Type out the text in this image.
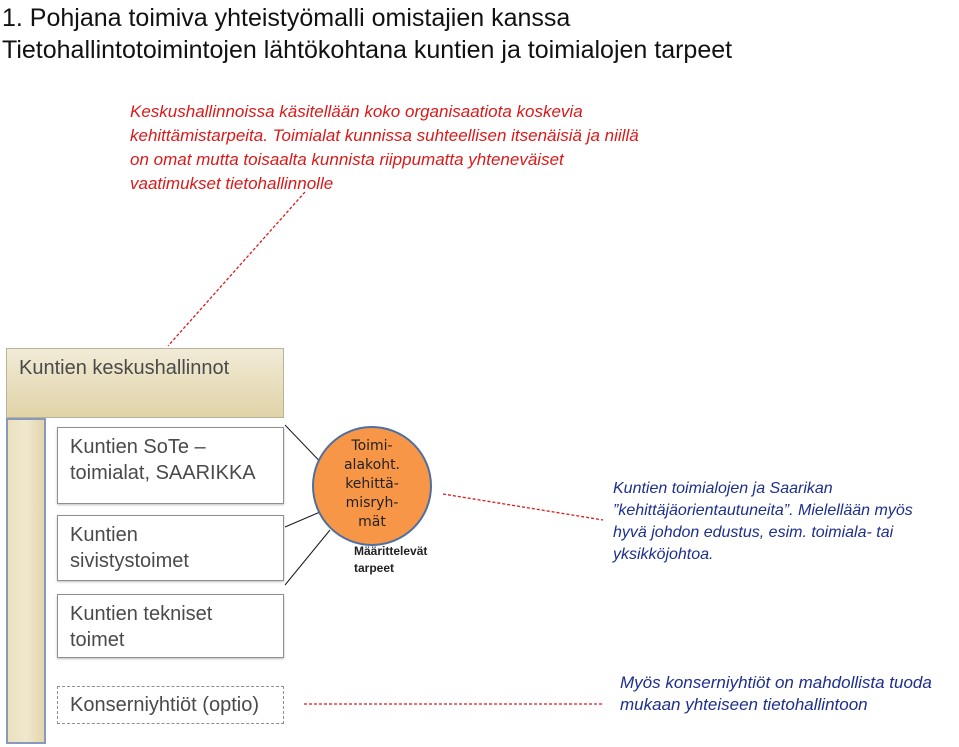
1. Pohjana toimiva yhteistyömalli omistajien kanssa
Tietohallintotoimintojen lähtökohtana kuntien ja toimialojen tarpeet
Keskushallinnoissa käsitellään koko organisaatiota koskevia
kehittämistarpeita. Toimialat kunnissa suhteellisen itsenäisiä ja niillä
on omat mutta toisaalta kunnista riippumatta yhteneväiset
vaatimukset tietohallinnolle
Kuntien keskushallinnot
Kuntien SoTe –
toimialat, SAARIKKA
Kuntien
sivistystoimet
Kuntien tekniset
toimet
Konserniyhtiöt (optio)
Toimi-
alakoht.
kehittä-
misryh-
mät
Määrittelevät
tarpeet
Kuntien toimialojen ja Saarikan
”kehittäjäorientautuneita”. Mielellään myös
hyvä johdon edustus, esim. toimiala- tai
yksikköjohtoa.
Myös konserniyhtiöt on mahdollista tuoda
mukaan yhteiseen tietohallintoon
